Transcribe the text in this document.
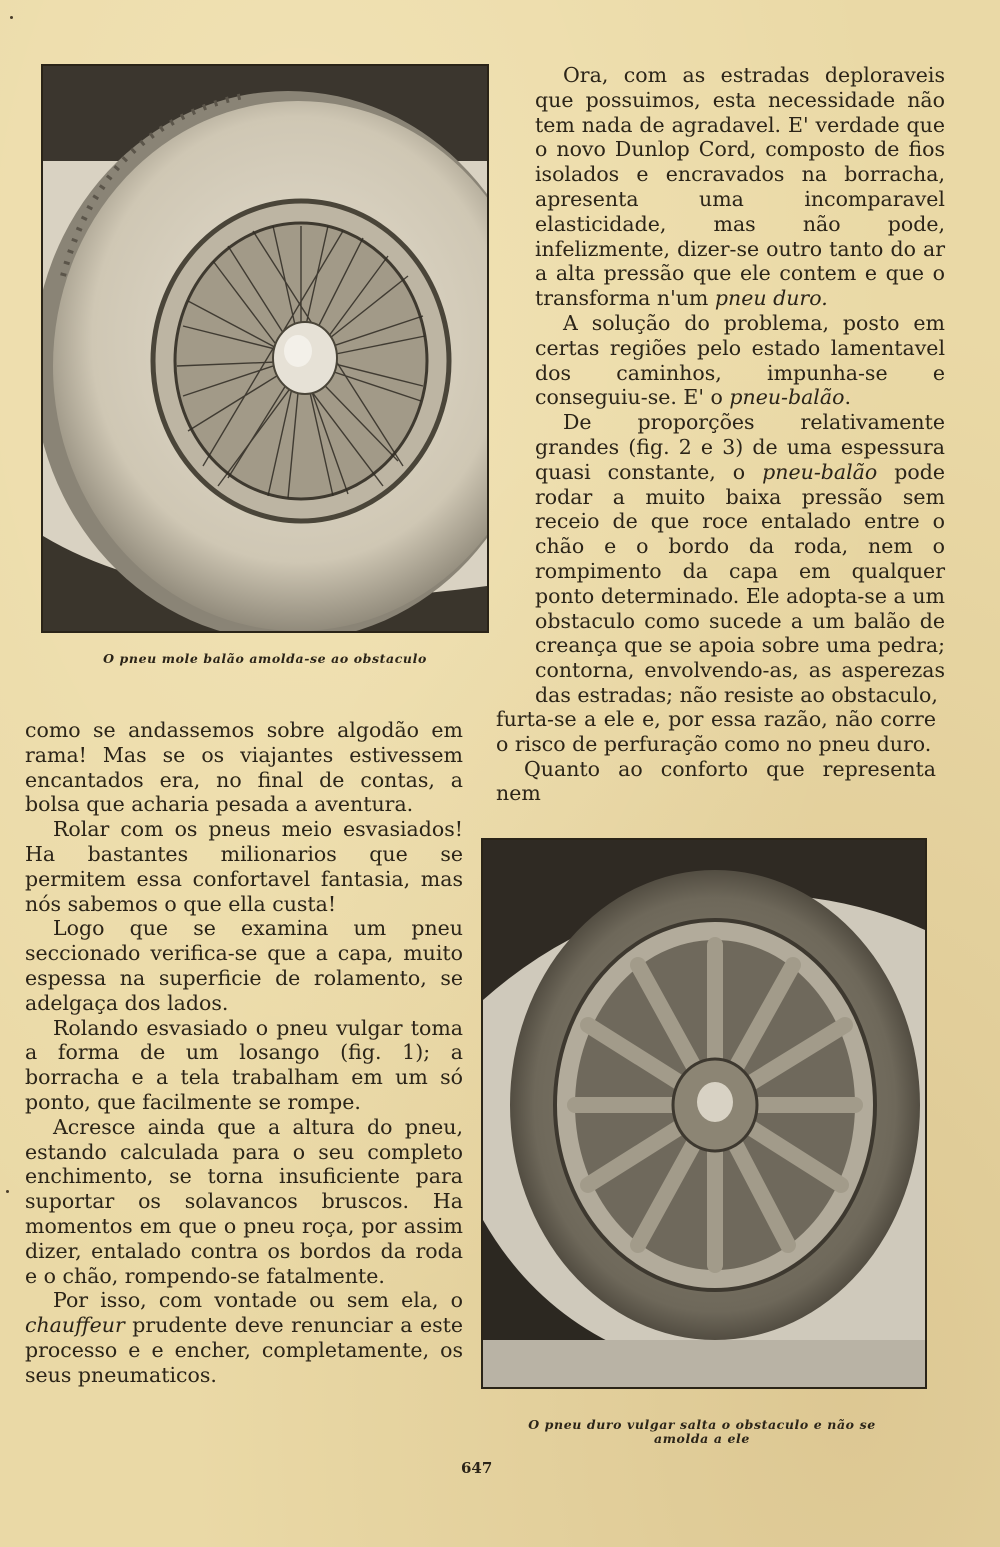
O pneu mole balão amolda-se ao obstaculo

Ora, com as estradas deploraveis que possuimos, esta necessidade não tem nada de agradavel. E' verdade que o novo Dunlop Cord, composto de fios isolados e encravados na borracha, apresenta uma incomparavel elasticidade, mas não pode, infelizmente, dizer-se outro tanto do ar a alta pressão que ele contem e que o transforma n'um pneu duro.

A solução do problema, posto em certas regiões pelo estado lamentavel dos caminhos, impunha-se e conseguiu-se. E' o pneu-balão.

De proporções relativamente grandes (fig. 2 e 3) de uma espessura quasi constante, o pneu-balão pode rodar a muito baixa pressão sem receio de que roce entalado entre o chão e o bordo da roda, nem o rompimento da capa em qualquer ponto determinado. Ele adopta-se a um obstaculo como sucede a um balão de creança que se apoia sobre uma pedra; contorna, envolvendo-as, as asperezas das estradas; não resiste ao obstaculo,

furta-se a ele e, por essa razão, não corre o risco de perfuração como no pneu duro.

Quanto ao conforto que representa nem

como se andassemos sobre algodão em rama! Mas se os viajantes estivessem encantados era, no final de contas, a bolsa que acharia pesada a aventura.

Rolar com os pneus meio esvasiados! Ha bastantes milionarios que se permitem essa confortavel fantasia, mas nós sabemos o que ella custa!

Logo que se examina um pneu seccionado verifica-se que a capa, muito espessa na superficie de rolamento, se adelgaça dos lados.

Rolando esvasiado o pneu vulgar toma a forma de um losango (fig. 1); a borracha e a tela trabalham em um só ponto, que facilmente se rompe.

Acresce ainda que a altura do pneu, estando calculada para o seu completo enchimento, se torna insuficiente para suportar os solavancos bruscos. Ha momentos em que o pneu roça, por assim dizer, entalado contra os bordos da roda e o chão, rompendo-se fatalmente.

Por isso, com vontade ou sem ela, o chauffeur prudente deve renunciar a este processo e e encher, completamente, os seus pneumaticos.

O pneu duro vulgar salta o obstaculo e não se
amolda a ele
647
